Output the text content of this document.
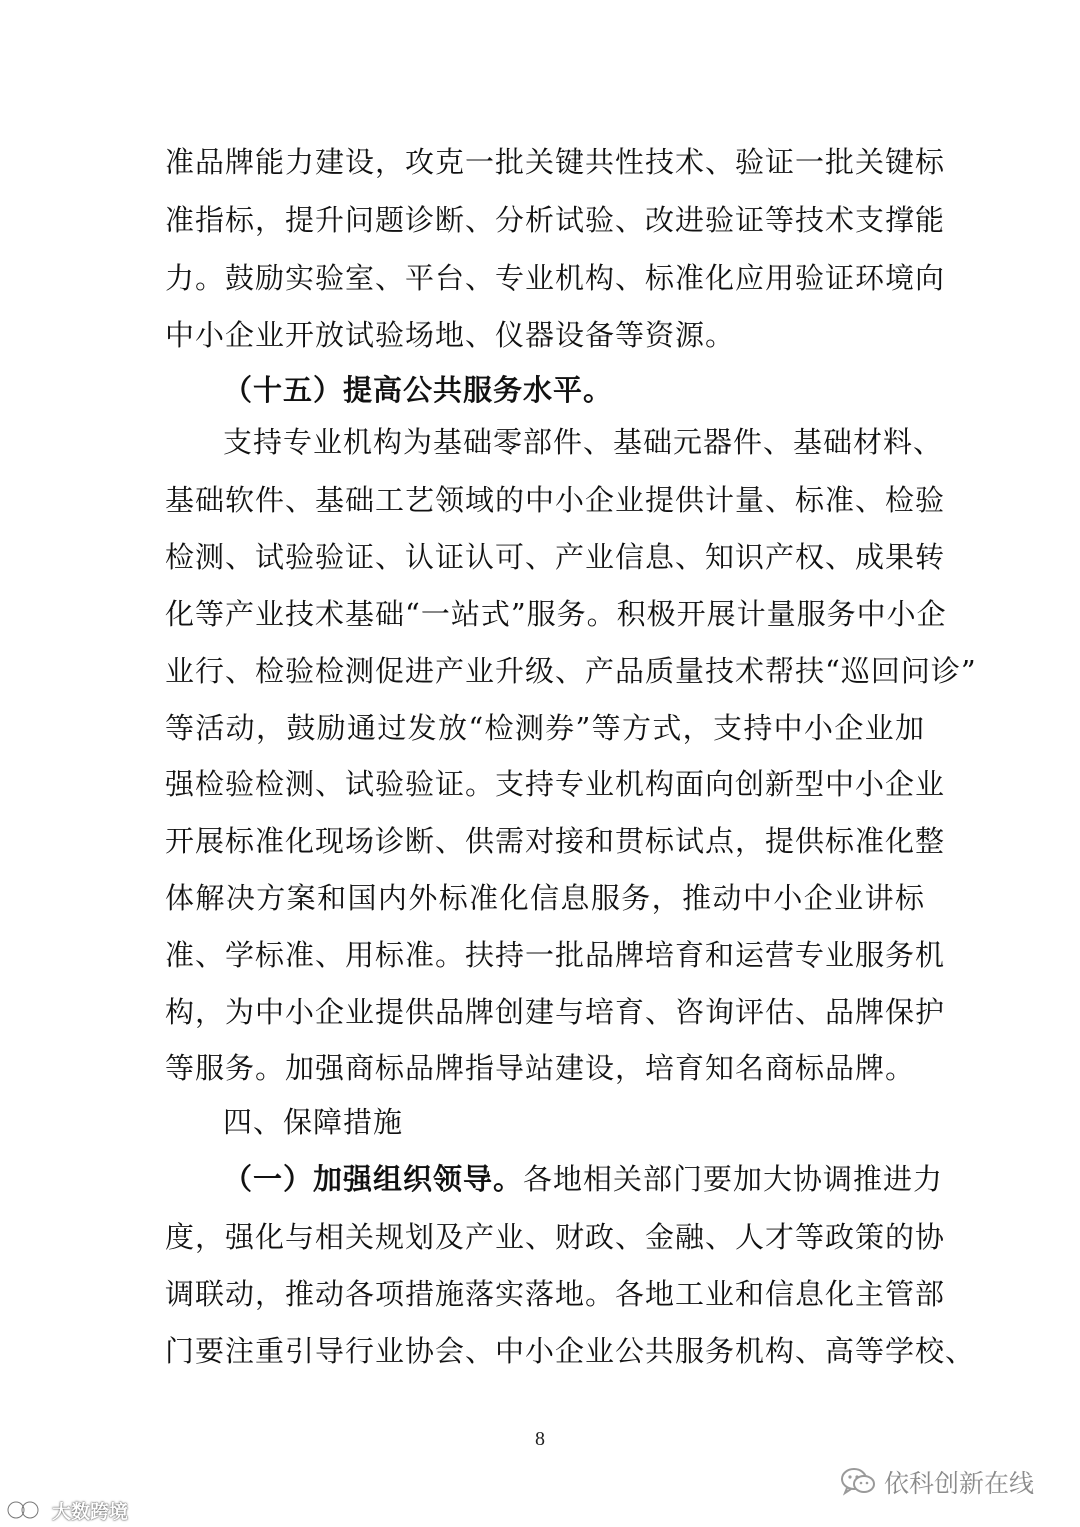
准品牌能力建设，攻克一批关键共性技术、验证一批关键标
准指标，提升问题诊断、分析试验、改进验证等技术支撑能
力。鼓励实验室、平台、专业机构、标准化应用验证环境向
中小企业开放试验场地、仪器设备等资源。
（十五）提高公共服务水平。
支持专业机构为基础零部件、基础元器件、基础材料、
基础软件、基础工艺领域的中小企业提供计量、标准、检验
检测、试验验证、认证认可、产业信息、知识产权、成果转
化等产业技术基础“一站式”服务。积极开展计量服务中小企
业行、检验检测促进产业升级、产品质量技术帮扶“巡回问诊”
等活动，鼓励通过发放“检测券”等方式，支持中小企业加
强检验检测、试验验证。支持专业机构面向创新型中小企业
开展标准化现场诊断、供需对接和贯标试点，提供标准化整
体解决方案和国内外标准化信息服务，推动中小企业讲标
准、学标准、用标准。扶持一批品牌培育和运营专业服务机
构，为中小企业提供品牌创建与培育、咨询评估、品牌保护
等服务。加强商标品牌指导站建设，培育知名商标品牌。
四、保障措施
（一）加强组织领导。各地相关部门要加大协调推进力
度，强化与相关规划及产业、财政、金融、人才等政策的协
调联动，推动各项措施落实落地。各地工业和信息化主管部
门要注重引导行业协会、中小企业公共服务机构、高等学校、
8
依科创新在线
大数跨境
